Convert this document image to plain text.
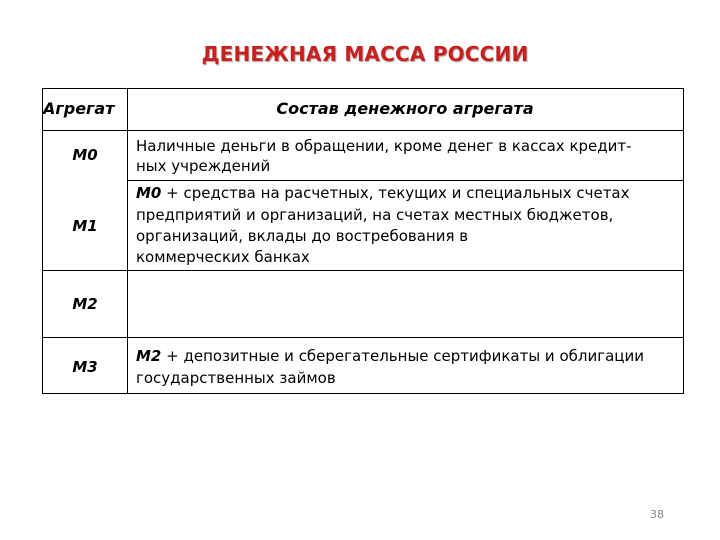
ДЕНЕЖНАЯ МАССА РОССИИ
Агрегат	Состав денежного агрегата
М0	Наличные деньги в обращении, кроме денег в кассах кредит-
ных учреждений
М1
М0 + средства на расчетных, текущих и специальных счетах
предприятий и организаций, на счетах местных бюджетов,
организаций, вклады до востребования в
коммерческих банках
М2
М3
М2 + депозитные и сберегательные сертификаты и облигации
государственных займов
38
